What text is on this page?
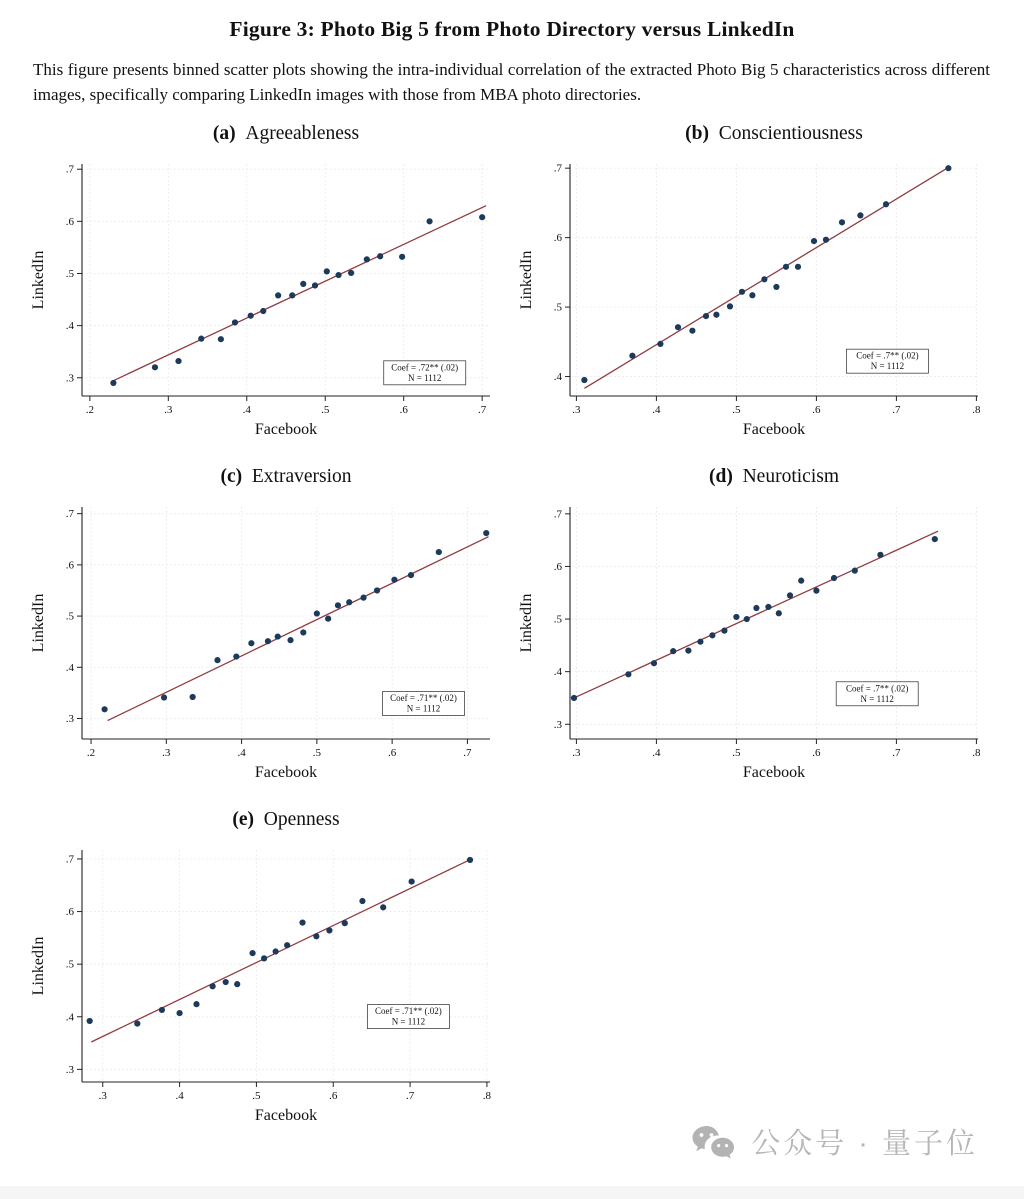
Figure 3: Photo Big 5 from Photo Directory versus LinkedIn
This figure presents binned scatter plots showing the intra-individual correlation of the extracted Photo Big 5 characteristics across different images, specifically comparing LinkedIn images with those from MBA photo directories.
(a) Agreeableness
.3
.4
.5
.6
.7
.2	.3	.4	.5	.6	.7
Coef = .72** (.02)
N = 1112
Facebook
LinkedIn
(b) Conscientiousness
.4
.5
.6
.7
.3	.4	.5	.6	.7	.8
Coef = .7** (.02)
N = 1112
Facebook
LinkedIn
(c) Extraversion
.3
.4
.5
.6
.7
.2	.3	.4	.5	.6	.7
Coef = .71** (.02)
N = 1112
Facebook
LinkedIn
(d) Neuroticism
.3
.4
.5
.6
.7
.3	.4	.5	.6	.7	.8
Coef = .7** (.02)
N = 1112
Facebook
LinkedIn
(e) Openness
.3
.4
.5
.6
.7
.3	.4	.5	.6	.7	.8
Coef = .71** (.02)
N = 1112
Facebook
LinkedIn
公众号 · 量子位
